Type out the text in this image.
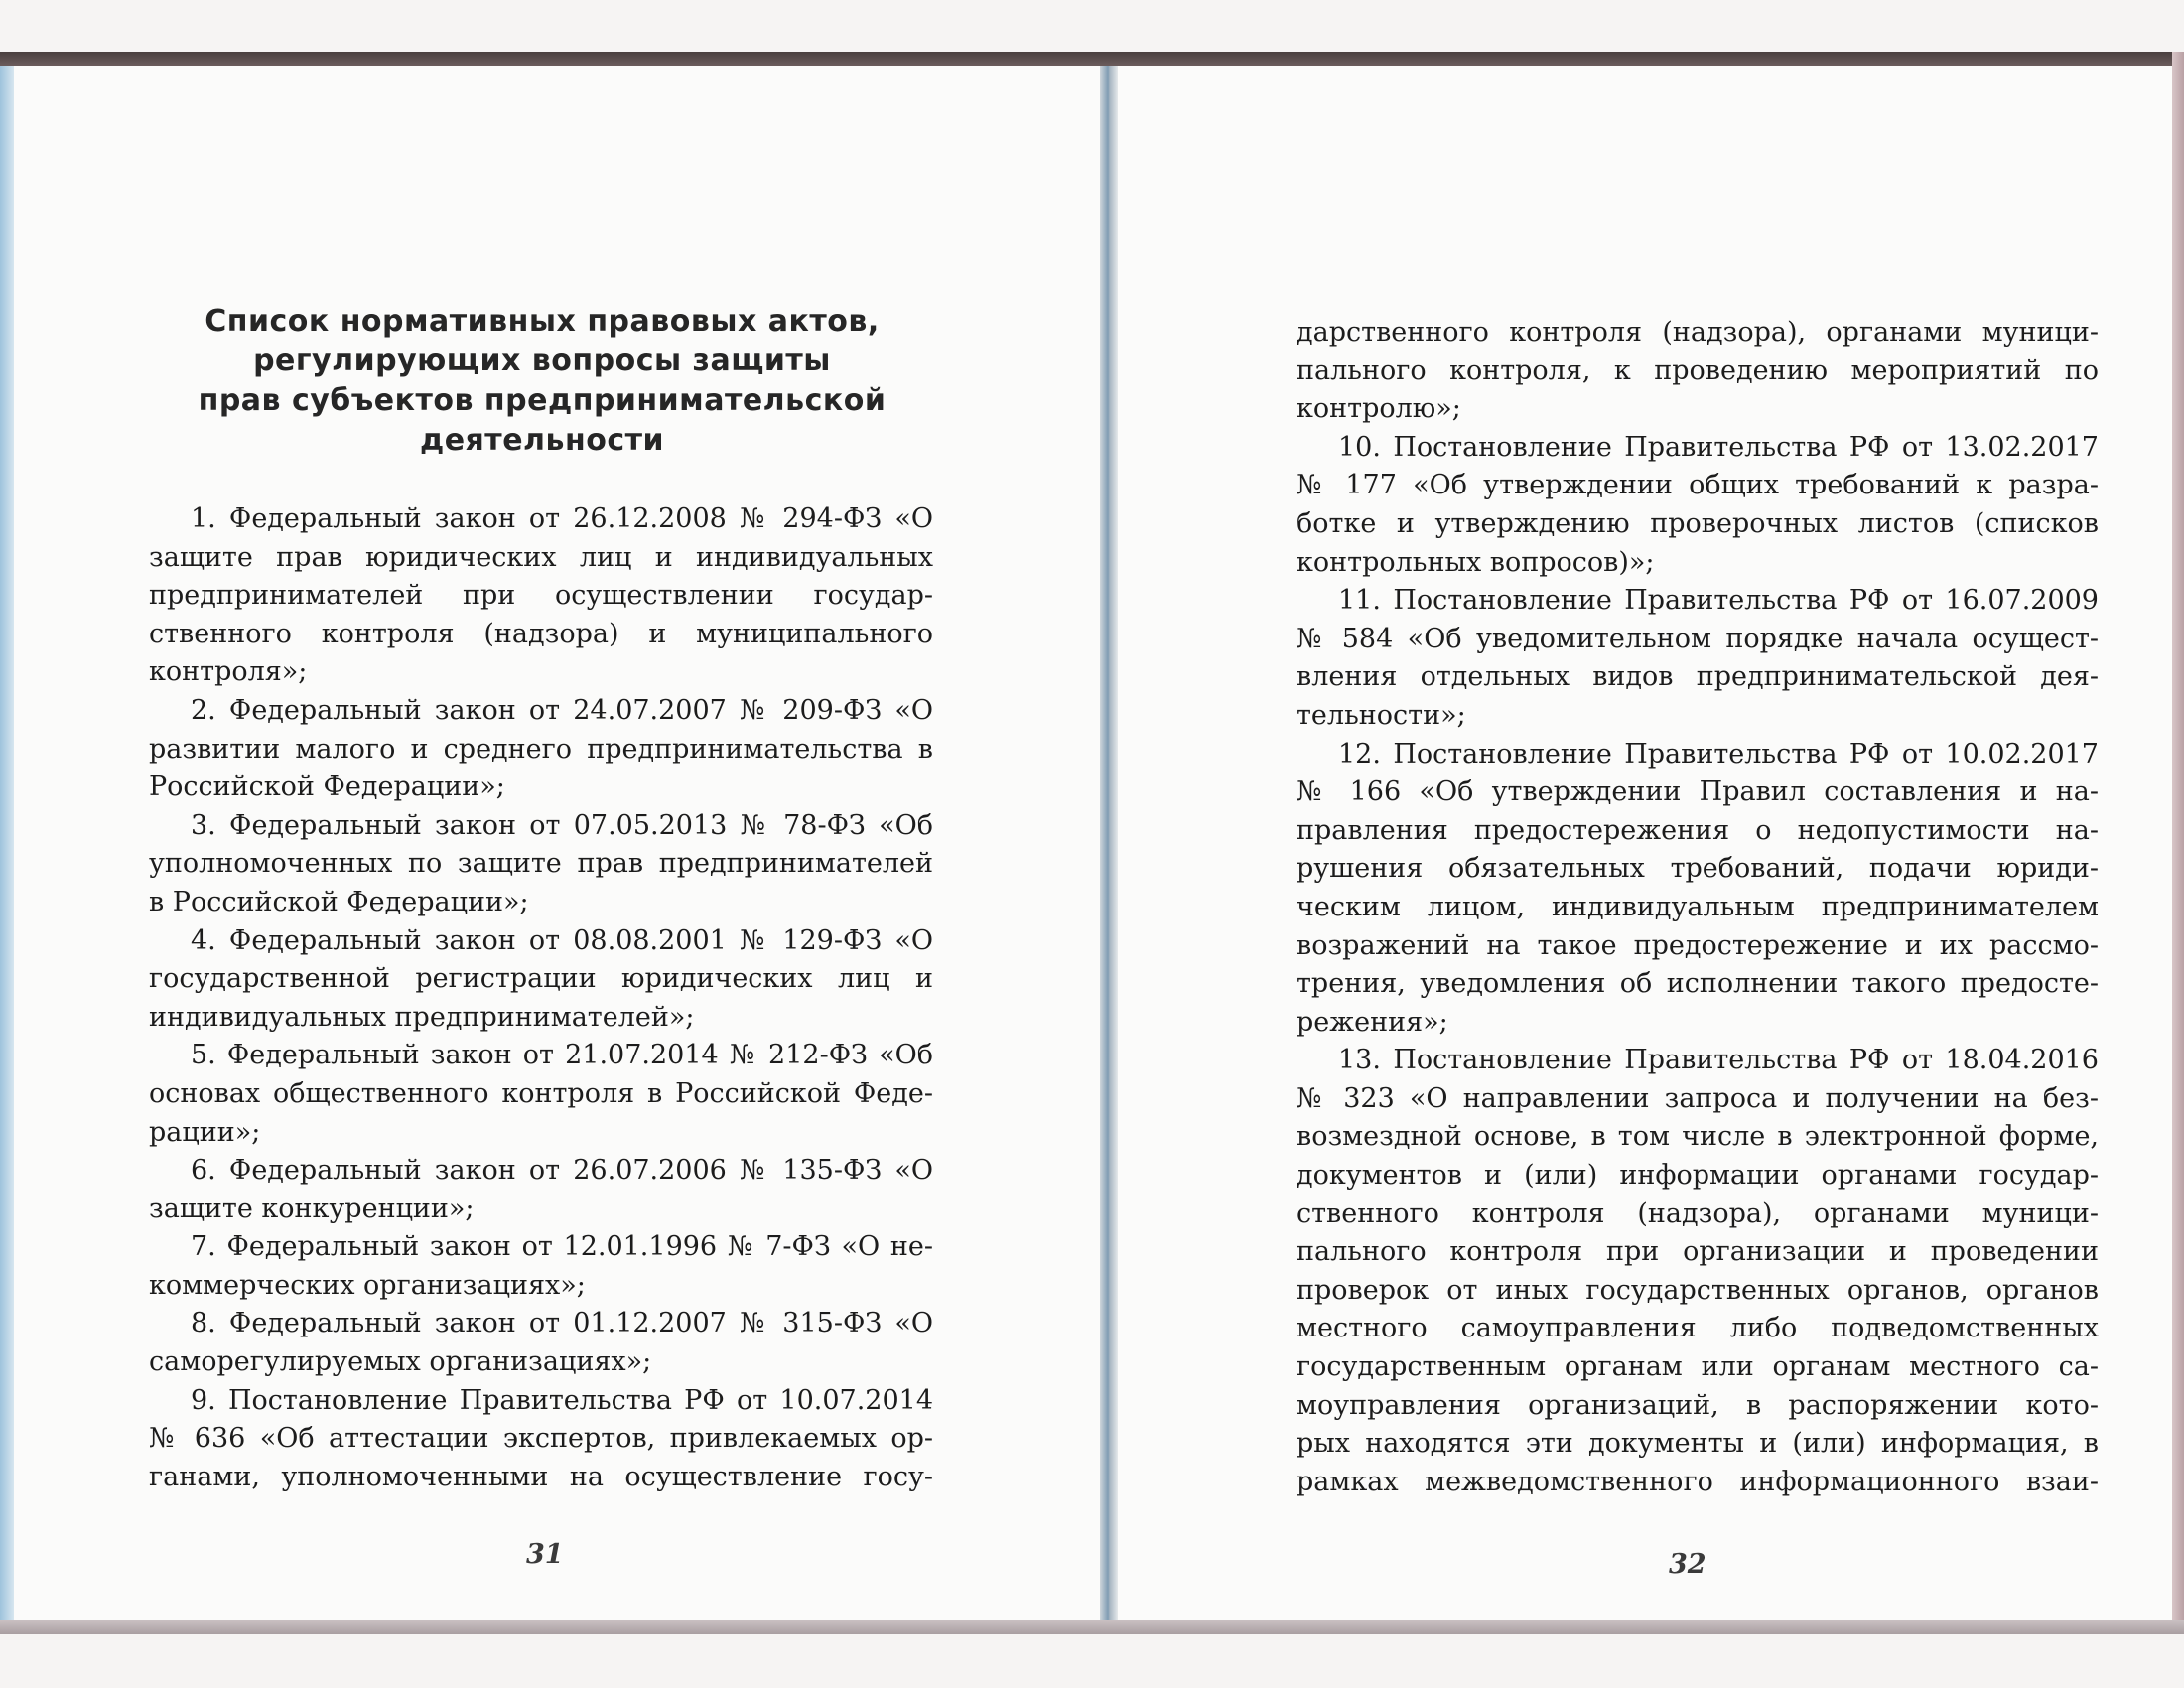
Список нормативных правовых актов,
регулирующих вопросы защиты
прав субъектов предпринимательской
деятельности
1. Федеральный закон от 26.12.2008 № 294-ФЗ «О
защите прав юридических лиц и индивидуальных
предпринимателей при осуществлении государ-
ственного контроля (надзора) и муниципального
контроля»;
2. Федеральный закон от 24.07.2007 № 209-ФЗ «О
развитии малого и среднего предпринимательства в
Российской Федерации»;
3. Федеральный закон от 07.05.2013 № 78-ФЗ «Об
уполномоченных по защите прав предпринимателей
в Российской Федерации»;
4. Федеральный закон от 08.08.2001 № 129-ФЗ «О
государственной регистрации юридических лиц и
индивидуальных предпринимателей»;
5. Федеральный закон от 21.07.2014 № 212-ФЗ «Об
основах общественного контроля в Российской Феде-
рации»;
6. Федеральный закон от 26.07.2006 № 135-ФЗ «О
защите конкуренции»;
7. Федеральный закон от 12.01.1996 № 7-ФЗ «О не-
коммерческих организациях»;
8. Федеральный закон от 01.12.2007 № 315-ФЗ «О
саморегулируемых организациях»;
9. Постановление Правительства РФ от 10.07.2014
№ 636 «Об аттестации экспертов, привлекаемых ор-
ганами, уполномоченными на осуществление госу-
31
дарственного контроля (надзора), органами муници-
пального контроля, к проведению мероприятий по
контролю»;
10. Постановление Правительства РФ от 13.02.2017
№ 177 «Об утверждении общих требований к разра-
ботке и утверждению проверочных листов (списков
контрольных вопросов)»;
11. Постановление Правительства РФ от 16.07.2009
№ 584 «Об уведомительном порядке начала осущест-
вления отдельных видов предпринимательской дея-
тельности»;
12. Постановление Правительства РФ от 10.02.2017
№ 166 «Об утверждении Правил составления и на-
правления предостережения о недопустимости на-
рушения обязательных требований, подачи юриди-
ческим лицом, индивидуальным предпринимателем
возражений на такое предостережение и их рассмо-
трения, уведомления об исполнении такого предосте-
режения»;
13. Постановление Правительства РФ от 18.04.2016
№ 323 «О направлении запроса и получении на без-
возмездной основе, в том числе в электронной форме,
документов и (или) информации органами государ-
ственного контроля (надзора), органами муници-
пального контроля при организации и проведении
проверок от иных государственных органов, органов
местного самоуправления либо подведомственных
государственным органам или органам местного са-
моуправления организаций, в распоряжении кото-
рых находятся эти документы и (или) информация, в
рамках межведомственного информационного взаи-
32
